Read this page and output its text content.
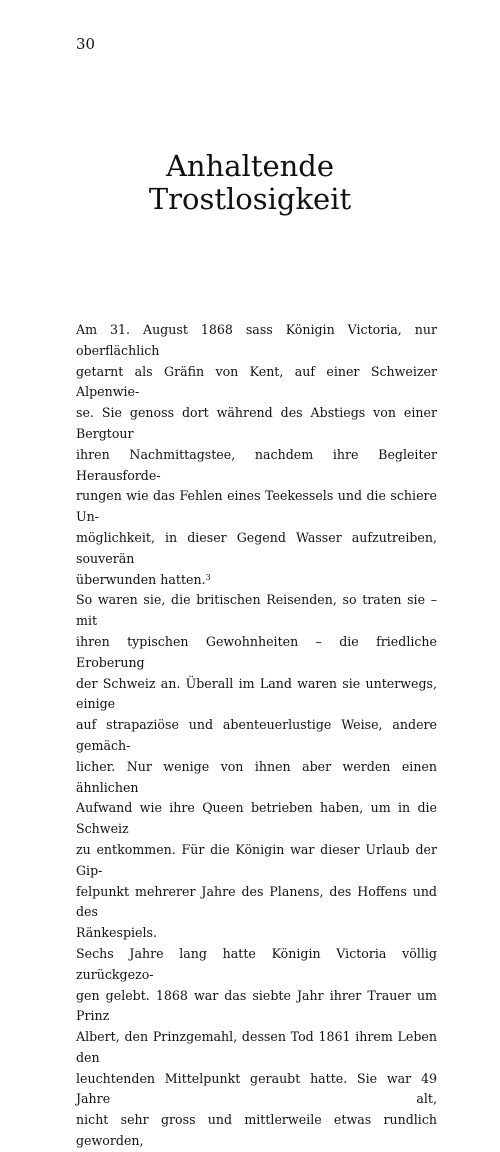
30
Anhaltende
Trostlosigkeit

Am 31. August 1868 sass Königin Victoria, nur oberflächlich
getarnt als Gräfin von Kent, auf einer Schweizer Alpenwie-
se. Sie genoss dort während des Abstiegs von einer Bergtour
ihren Nachmittagstee, nachdem ihre Begleiter Herausforde-
rungen wie das Fehlen eines Teekessels und die schiere Un-
möglichkeit, in dieser Gegend Wasser aufzutreiben, souverän
überwunden hatten.$^3$

So waren sie, die britischen Reisenden, so traten sie – mit
ihren typischen Gewohnheiten – die friedliche Eroberung
der Schweiz an. Überall im Land waren sie unterwegs, einige
auf strapaziöse und abenteuerlustige Weise, andere gemäch-
licher. Nur wenige von ihnen aber werden einen ähnlichen
Aufwand wie ihre Queen betrieben haben, um in die Schweiz
zu entkommen. Für die Königin war dieser Urlaub der Gip-
felpunkt mehrerer Jahre des Planens, des Hoffens und des
Ränkespiels.

Sechs Jahre lang hatte Königin Victoria völlig zurückgezo-
gen gelebt. 1868 war das siebte Jahr ihrer Trauer um Prinz
Albert, den Prinzgemahl, dessen Tod 1861 ihrem Leben den
leuchtenden Mittelpunkt geraubt hatte. Sie war 49 Jahre alt,
nicht sehr gross und mittlerweile etwas rundlich geworden,
